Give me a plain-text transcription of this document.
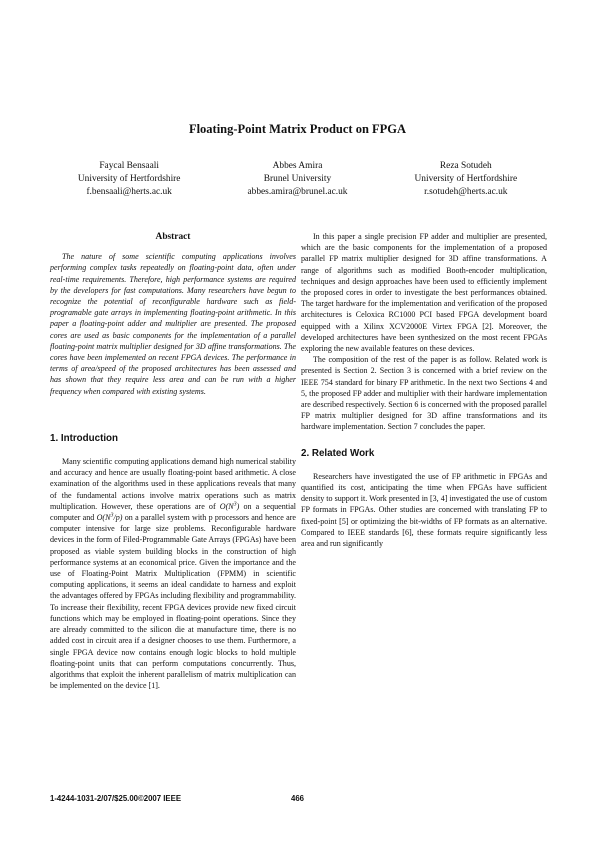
Floating-Point Matrix Product on FPGA
Faycal Bensaali
University of Hertfordshire
f.bensaali@herts.ac.uk
Abbes Amira
Brunel University
abbes.amira@brunel.ac.uk
Reza Sotudeh
University of Hertfordshire
r.sotudeh@herts.ac.uk
Abstract

The nature of some scientific computing applications involves performing complex tasks repeatedly on floating-point data, often under real-time requirements. Therefore, high performance systems are required by the developers for fast computations. Many researchers have begun to recognize the potential of reconfigurable hardware such as field-programable gate arrays in implementing floating-point arithmetic. In this paper a floating-point adder and multiplier are presented. The proposed cores are used as basic components for the implementation of a parallel floating-point matrix multiplier designed for 3D affine transformations. The cores have been implemented on recent FPGA devices. The performance in terms of area/speed of the proposed architectures has been assessed and has shown that they require less area and can be run with a higher frequency when compared with existing systems.

1. Introduction

Many scientific computing applications demand high numerical stability and accuracy and hence are usually floating-point based arithmetic. A close examination of the algorithms used in these applications reveals that many of the fundamental actions involve matrix operations such as matrix multiplication. However, these operations are of $O(N^3)$ on a sequential computer and $O(N^3/p)$ on a parallel system with p processors and hence are computer intensive for large size problems. Reconfigurable hardware devices in the form of Filed-Programmable Gate Arrays (FPGAs) have been proposed as viable system building blocks in the construction of high performance systems at an economical price. Given the importance and the use of Floating-Point Matrix Multiplication (FPMM) in scientific computing applications, it seems an ideal candidate to harness and exploit the advantages offered by FPGAs including flexibility and programmability. To increase their flexibility, recent FPGA devices provide new fixed circuit functions which may be employed in floating-point operations. Since they are already committed to the silicon die at manufacture time, there is no added cost in circuit area if a designer chooses to use them. Furthermore, a single FPGA device now contains enough logic blocks to hold multiple floating-point units that can perform computations concurrently. Thus, algorithms that exploit the inherent parallelism of matrix multiplication can be implemented on the device [1].

In this paper a single precision FP adder and multiplier are presented, which are the basic components for the implementation of a proposed parallel FP matrix multiplier designed for 3D affine transformations. A range of algorithms such as modified Booth-encoder multiplication, techniques and design approaches have been used to efficiently implement the proposed cores in order to investigate the best performances obtained. The target hardware for the implementation and verification of the proposed architectures is Celoxica RC1000 PCI based FPGA development board equipped with a Xilinx XCV2000E Virtex FPGA [2]. Moreover, the developed architectures have been synthesized on the most recent FPGAs exploring the new available features on these devices.

The composition of the rest of the paper is as follow. Related work is presented is Section 2. Section 3 is concerned with a brief review on the IEEE 754 standard for binary FP arithmetic. In the next two Sections 4 and 5, the proposed FP adder and multiplier with their hardware implementation are described respectively. Section 6 is concerned with the proposed parallel FP matrix multiplier designed for 3D affine transformations and its hardware implementation. Section 7 concludes the paper.

2. Related Work

Researchers have investigated the use of FP arithmetic in FPGAs and quantified its cost, anticipating the time when FPGAs have sufficient density to support it. Work presented in [3, 4] investigated the use of custom FP formats in FPGAs. Other studies are concerned with translating FP to fixed-point [5] or optimizing the bit-widths of FP formats as an alternative. Compared to IEEE standards [6], these formats require significantly less area and run significantly

1-4244-1031-2/07/$25.00©2007 IEEE	466
